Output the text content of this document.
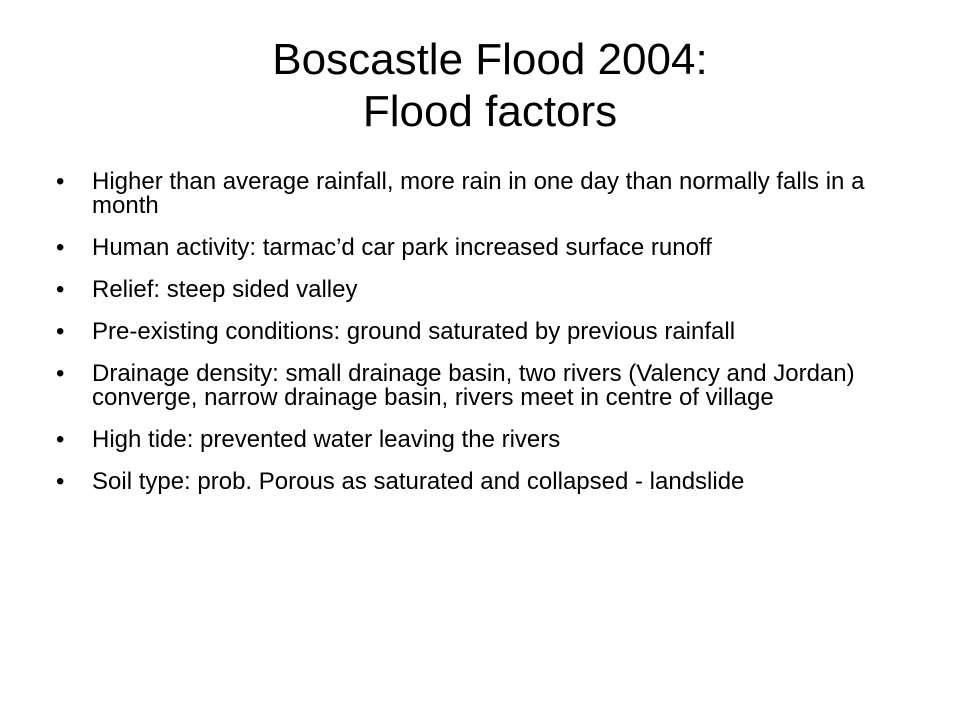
Boscastle Flood 2004:
Flood factors
•	Higher than average rainfall, more rain in one day than normally falls in a month
•	Human activity: tarmac’d car park increased surface runoff
•	Relief: steep sided valley
•	Pre-existing conditions: ground saturated by previous rainfall
•	Drainage density: small drainage basin, two rivers (Valency and Jordan) converge, narrow drainage basin, rivers meet in centre of village
•	High tide: prevented water leaving the rivers
•	Soil type: prob. Porous as saturated and collapsed - landslide
